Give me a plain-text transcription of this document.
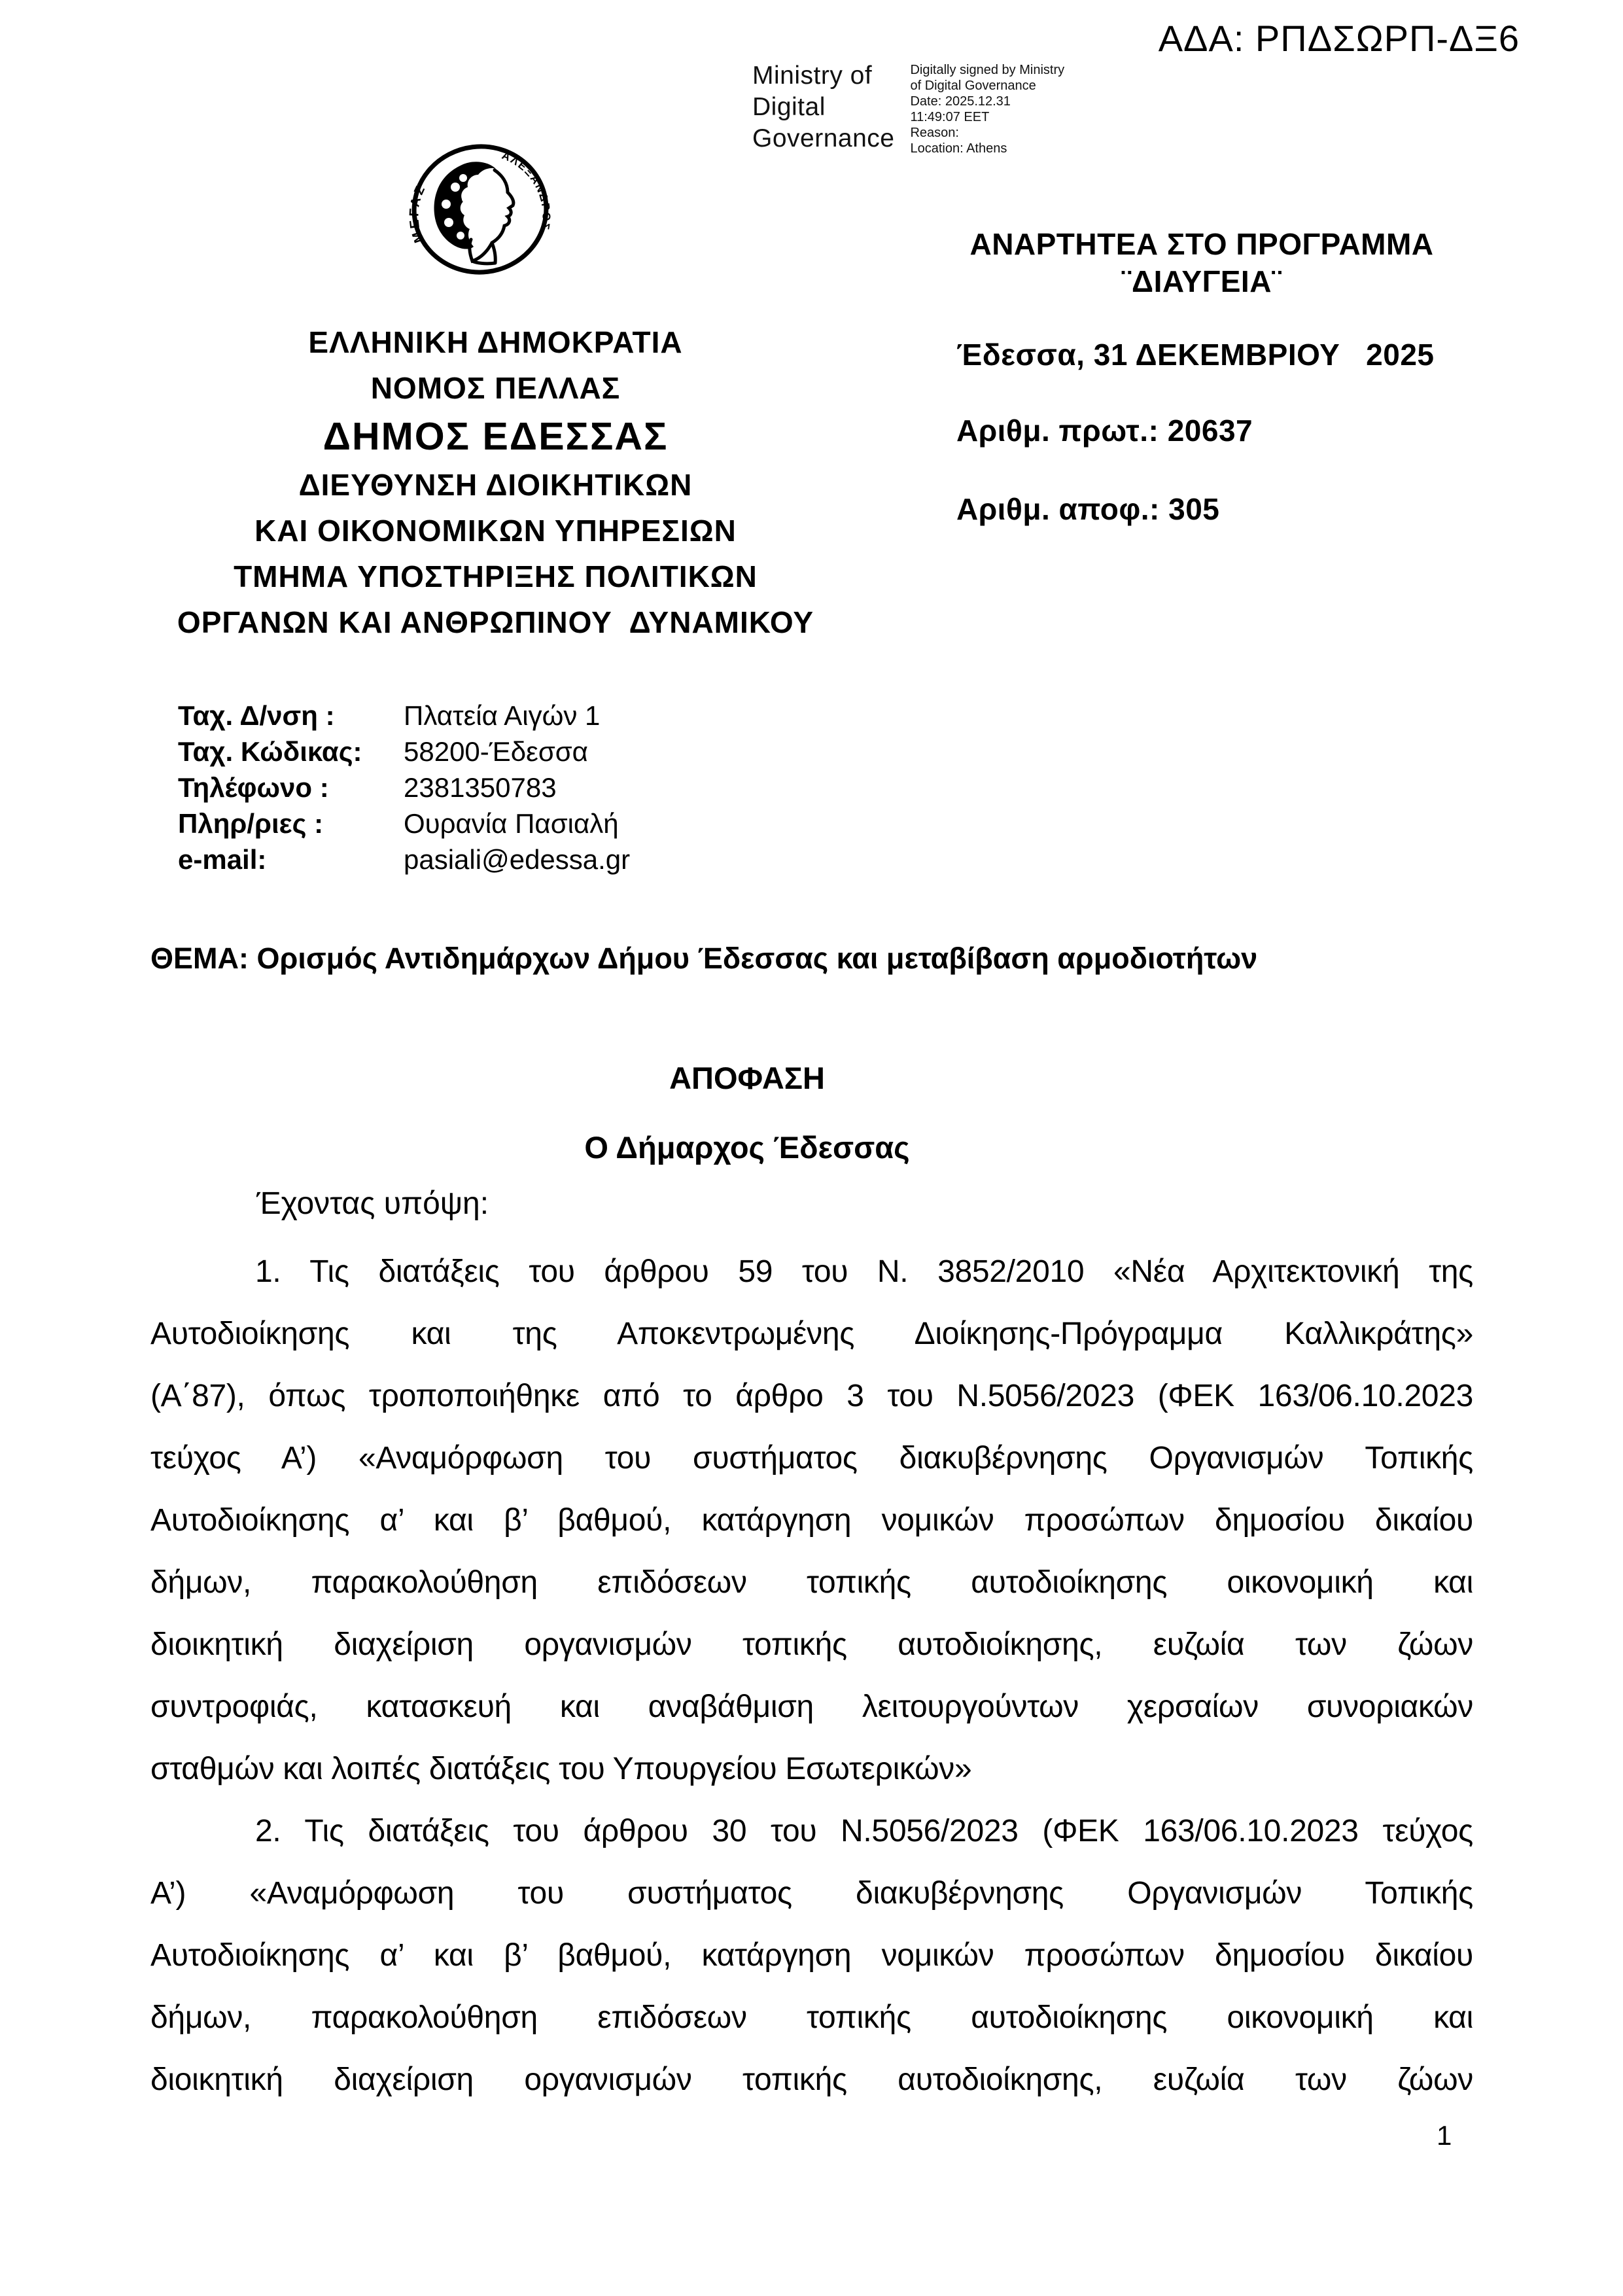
ΑΔΑ: ΡΠΔΣΩΡΠ-ΔΞ6
Ministry of
Digital
Governance
Digitally signed by Ministry
of Digital Governance
Date: 2025.12.31
11:49:07 EET
Reason:
Location: Athens
ΜΕΓΑΣ
ΑΛΕΞΑΝΔΡΟΣ
ΕΛΛΗΝΙΚΗ ΔΗΜΟΚΡΑΤΙΑ
ΝΟΜΟΣ ΠΕΛΛΑΣ
ΔΗΜΟΣ ΕΔΕΣΣΑΣ
ΔΙΕΥΘΥΝΣΗ ΔΙΟΙΚΗΤΙΚΩΝ
ΚΑΙ ΟΙΚΟΝΟΜΙΚΩΝ ΥΠΗΡΕΣΙΩΝ
ΤΜΗΜΑ ΥΠΟΣΤΗΡΙΞΗΣ ΠΟΛΙΤΙΚΩΝ
ΟΡΓΑΝΩΝ ΚΑΙ ΑΝΘΡΩΠΙΝΟΥ  ΔΥΝΑΜΙΚΟΥ
ΑΝΑΡΤΗΤΕΑ ΣΤΟ ΠΡΟΓΡΑΜΜΑ
¨ΔΙΑΥΓΕΙΑ¨
Έδεσσα, 31 ΔΕΚΕΜΒΡΙΟΥ   2025
Αριθμ. πρωτ.: 20637
Αριθμ. αποφ.: 305
Ταχ. Δ/νση :	Πλατεία Αιγών 1
Ταχ. Κώδικας:	58200-Έδεσσα
Τηλέφωνο :	2381350783
Πληρ/ριες :	Ουρανία Πασιαλή
e-mail:	pasiali@edessa.gr
ΘΕΜΑ: Ορισμός Αντιδημάρχων Δήμου Έδεσσας και μεταβίβαση αρμοδιοτήτων
ΑΠΟΦΑΣΗ
Ο Δήμαρχος Έδεσσας
Έχοντας υπόψη:
1. Τις διατάξεις του άρθρου 59 του Ν. 3852/2010 «Νέα Αρχιτεκτονική της
Αυτοδιοίκησης και της Αποκεντρωμένης Διοίκησης-Πρόγραμμα Καλλικράτης»
(Α΄87), όπως τροποποιήθηκε από το άρθρο 3 του Ν.5056/2023 (ΦΕΚ 163/06.10.2023
τεύχος Α’) «Αναμόρφωση του συστήματος διακυβέρνησης Οργανισμών Τοπικής
Αυτοδιοίκησης α’ και β’ βαθμού, κατάργηση νομικών προσώπων δημοσίου δικαίου
δήμων, παρακολούθηση επιδόσεων τοπικής αυτοδιοίκησης οικονομική και
διοικητική διαχείριση οργανισμών τοπικής αυτοδιοίκησης, ευζωία των ζώων
συντροφιάς, κατασκευή και αναβάθμιση λειτουργούντων χερσαίων συνοριακών
σταθμών και λοιπές διατάξεις του Υπουργείου Εσωτερικών»
2. Τις διατάξεις του άρθρου 30 του Ν.5056/2023 (ΦΕΚ 163/06.10.2023 τεύχος
Α’) «Αναμόρφωση του συστήματος διακυβέρνησης Οργανισμών Τοπικής
Αυτοδιοίκησης α’ και β’ βαθμού, κατάργηση νομικών προσώπων δημοσίου δικαίου
δήμων, παρακολούθηση επιδόσεων τοπικής αυτοδιοίκησης οικονομική και
διοικητική διαχείριση οργανισμών τοπικής αυτοδιοίκησης, ευζωία των ζώων
1
